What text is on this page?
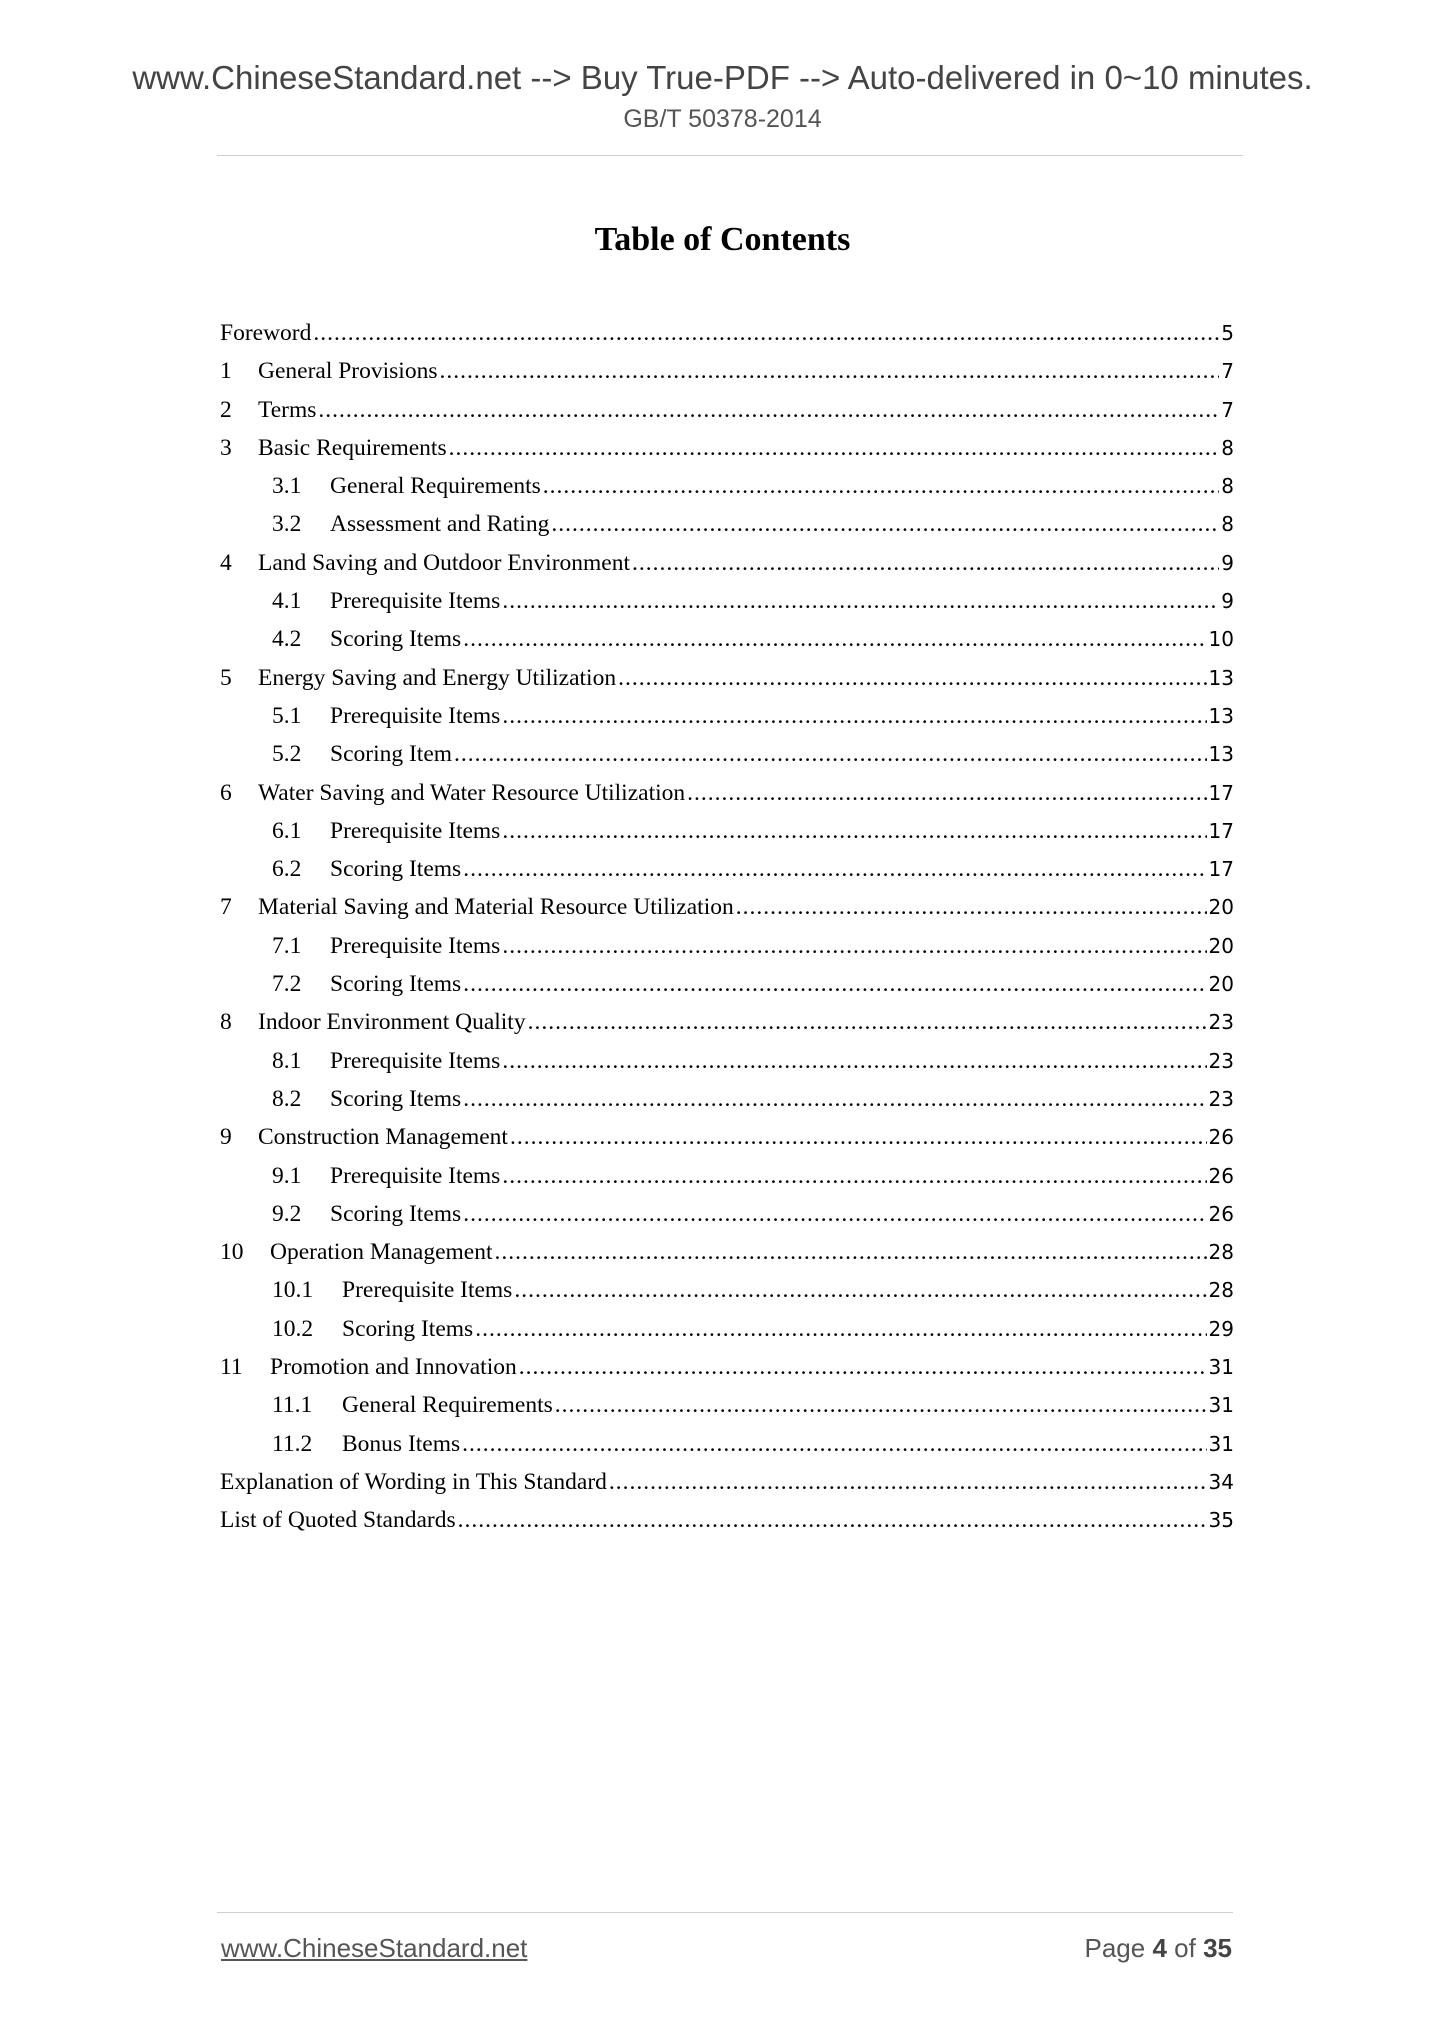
www.ChineseStandard.net --> Buy True-PDF --> Auto-delivered in 0~10 minutes.
GB/T 50378-2014
Table of Contents
Foreword .....	5
1	General Provisions .....	7
2	Terms .....	7
3	Basic Requirements .....	8
3.1	General Requirements .....	8
3.2	Assessment and Rating .....	8
4	Land Saving and Outdoor Environment .....	9
4.1	Prerequisite Items .....	9
4.2	Scoring Items .....	10
5	Energy Saving and Energy Utilization .....	13
5.1	Prerequisite Items .....	13
5.2	Scoring Item .....	13
6	Water Saving and Water Resource Utilization .....	17
6.1	Prerequisite Items .....	17
6.2	Scoring Items .....	17
7	Material Saving and Material Resource Utilization .....	20
7.1	Prerequisite Items .....	20
7.2	Scoring Items .....	20
8	Indoor Environment Quality .....	23
8.1	Prerequisite Items .....	23
8.2	Scoring Items .....	23
9	Construction Management .....	26
9.1	Prerequisite Items .....	26
9.2	Scoring Items .....	26
10	Operation Management .....	28
10.1	Prerequisite Items .....	28
10.2	Scoring Items .....	29
11	Promotion and Innovation .....	31
11.1	General Requirements .....	31
11.2	Bonus Items .....	31
Explanation of Wording in This Standard .....	34
List of Quoted Standards .....	35
www.ChineseStandard.net	Page 4 of 35
